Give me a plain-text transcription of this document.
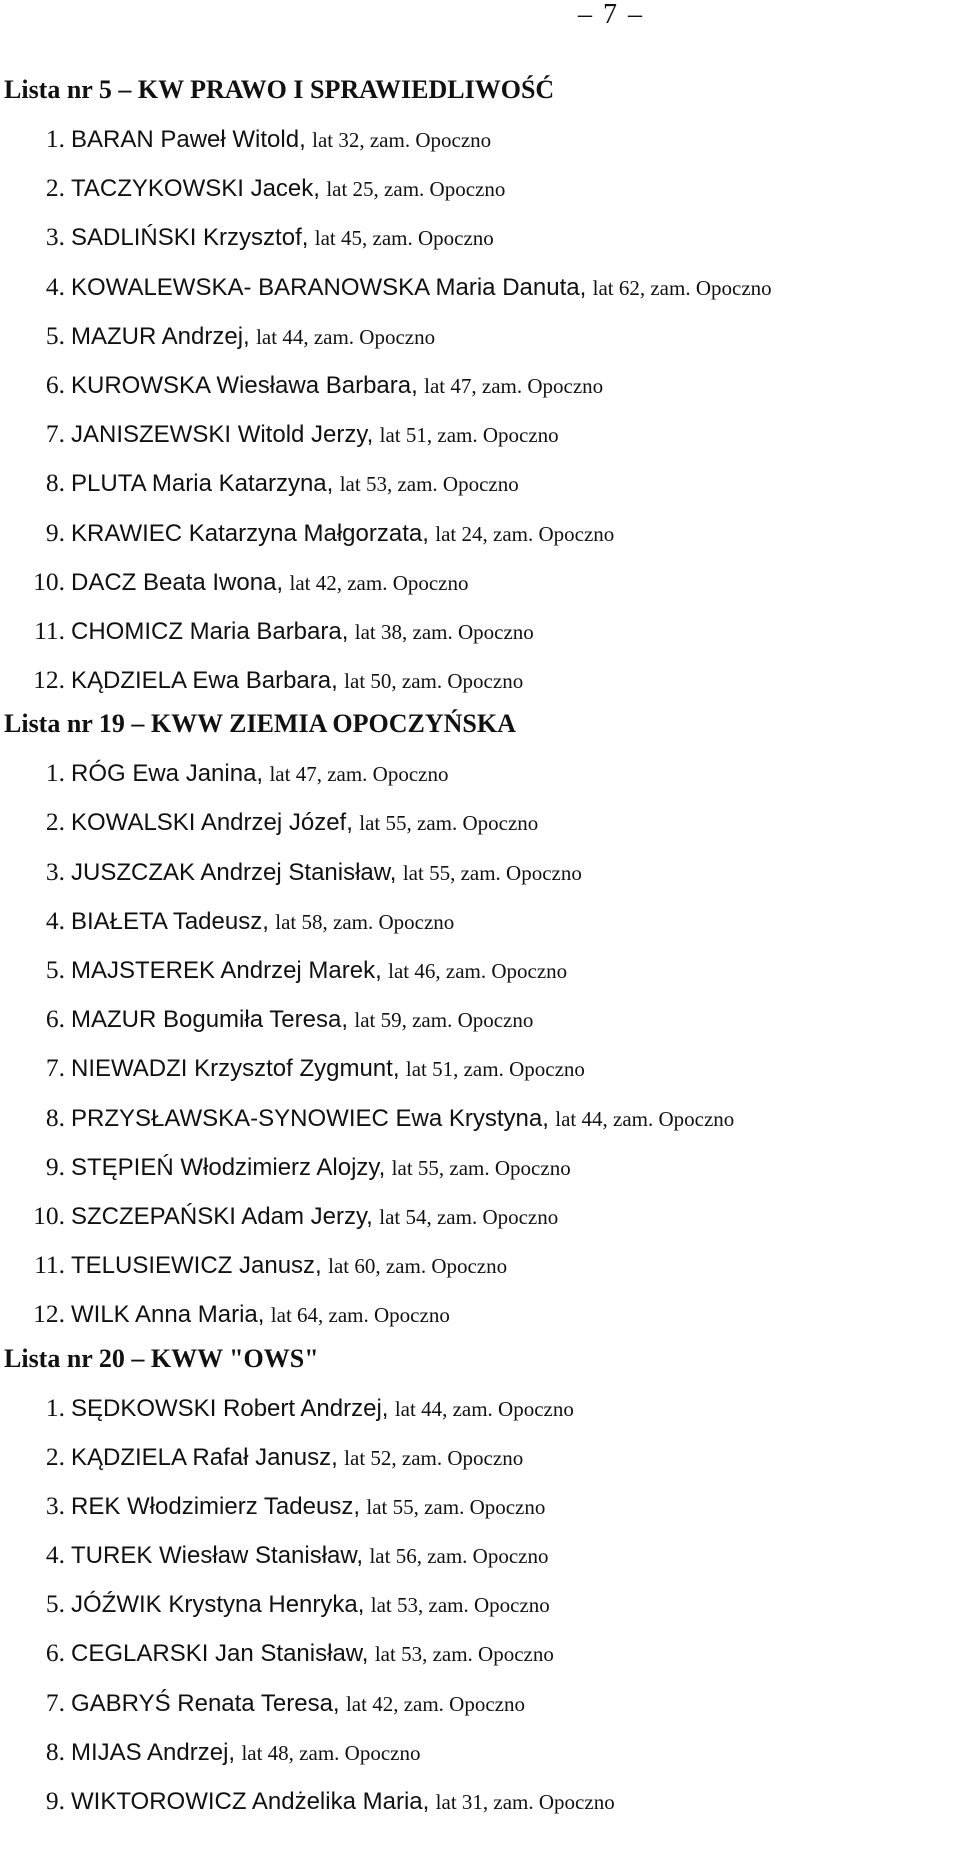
– 7 –
Lista nr 5 – KW PRAWO I SPRAWIEDLIWOŚĆ
1. BARAN Paweł Witold, lat 32, zam. Opoczno
2. TACZYKOWSKI Jacek, lat 25, zam. Opoczno
3. SADLIŃSKI Krzysztof, lat 45, zam. Opoczno
4. KOWALEWSKA- BARANOWSKA Maria Danuta, lat 62, zam. Opoczno
5. MAZUR Andrzej, lat 44, zam. Opoczno
6. KUROWSKA Wiesława Barbara, lat 47, zam. Opoczno
7. JANISZEWSKI Witold Jerzy, lat 51, zam. Opoczno
8. PLUTA Maria Katarzyna, lat 53, zam. Opoczno
9. KRAWIEC Katarzyna Małgorzata, lat 24, zam. Opoczno
10. DACZ Beata Iwona, lat 42, zam. Opoczno
11. CHOMICZ Maria Barbara, lat 38, zam. Opoczno
12. KĄDZIELA Ewa Barbara, lat 50, zam. Opoczno
Lista nr 19 – KWW ZIEMIA OPOCZYŃSKA
1. RÓG Ewa Janina, lat 47, zam. Opoczno
2. KOWALSKI Andrzej Józef, lat 55, zam. Opoczno
3. JUSZCZAK Andrzej Stanisław, lat 55, zam. Opoczno
4. BIAŁETA Tadeusz, lat 58, zam. Opoczno
5. MAJSTEREK Andrzej Marek, lat 46, zam. Opoczno
6. MAZUR Bogumiła Teresa, lat 59, zam. Opoczno
7. NIEWADZI Krzysztof Zygmunt, lat 51, zam. Opoczno
8. PRZYSŁAWSKA-SYNOWIEC Ewa Krystyna, lat 44, zam. Opoczno
9. STĘPIEŃ Włodzimierz Alojzy, lat 55, zam. Opoczno
10. SZCZEPAŃSKI Adam Jerzy, lat 54, zam. Opoczno
11. TELUSIEWICZ Janusz, lat 60, zam. Opoczno
12. WILK Anna Maria, lat 64, zam. Opoczno
Lista nr 20 – KWW "OWS"
1. SĘDKOWSKI Robert Andrzej, lat 44, zam. Opoczno
2. KĄDZIELA Rafał Janusz, lat 52, zam. Opoczno
3. REK Włodzimierz Tadeusz, lat 55, zam. Opoczno
4. TUREK Wiesław Stanisław, lat 56, zam. Opoczno
5. JÓŹWIK Krystyna Henryka, lat 53, zam. Opoczno
6. CEGLARSKI Jan Stanisław, lat 53, zam. Opoczno
7. GABRYŚ Renata Teresa, lat 42, zam. Opoczno
8. MIJAS Andrzej, lat 48, zam. Opoczno
9. WIKTOROWICZ Andżelika Maria, lat 31, zam. Opoczno
